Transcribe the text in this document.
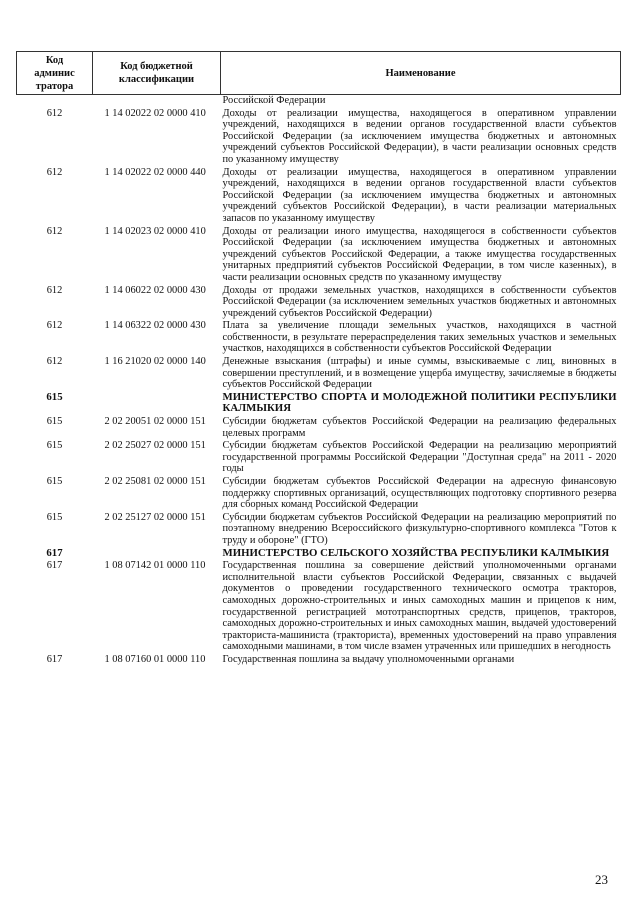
Код
админис
тратора	Код бюджетной
классификации	Наименование
		Российской Федерации
612	1 14 02022 02 0000 410	Доходы от реализации имущества, находящегося в оперативном управлении учреждений, находящихся в ведении органов государственной власти субъектов Российской Федерации (за исключением имущества бюджетных и автономных учреждений субъектов Российской Федерации), в части реализации основных средств по указанному имуществу
612	1 14 02022 02 0000 440	Доходы от реализации имущества, находящегося в оперативном управлении учреждений, находящихся в ведении органов государственной власти субъектов Российской Федерации (за исключением имущества бюджетных и автономных учреждений субъектов Российской Федерации), в части реализации материальных запасов по указанному имуществу
612	1 14 02023 02 0000 410	Доходы от реализации иного имущества, находящегося в собственности субъектов Российской Федерации (за исключением имущества бюджетных и автономных учреждений субъектов Российской Федерации, а также имущества государственных унитарных предприятий субъектов Российской Федерации, в том числе казенных), в части реализации основных средств по указанному имуществу
612	1 14 06022 02 0000 430	Доходы от продажи земельных участков, находящихся в собственности субъектов Российской Федерации (за исключением земельных участков бюджетных и автономных учреждений субъектов Российской Федерации)
612	1 14 06322 02 0000 430	Плата за увеличение площади земельных участков, находящихся в частной собственности, в результате перераспределения таких земельных участков и земельных участков, находящихся в собственности субъектов Российской Федерации
612	1 16 21020 02 0000 140	Денежные взыскания (штрафы) и иные суммы, взыскиваемые с лиц, виновных в совершении преступлений, и в возмещение ущерба имуществу, зачисляемые в бюджеты субъектов Российской Федерации
615		МИНИСТЕРСТВО СПОРТА И МОЛОДЕЖНОЙ ПОЛИТИКИ РЕСПУБЛИКИ КАЛМЫКИЯ
615	2 02 20051 02 0000 151	Субсидии бюджетам субъектов Российской Федерации на реализацию федеральных целевых программ
615	2 02 25027 02 0000 151	Субсидии бюджетам субъектов Российской Федерации на реализацию мероприятий государственной программы Российской Федерации "Доступная среда" на 2011 - 2020 годы
615	2 02 25081 02 0000 151	Субсидии бюджетам субъектов Российской Федерации на адресную финансовую поддержку спортивных организаций, осуществляющих подготовку спортивного резерва для сборных команд Российской Федерации
615	2 02 25127 02 0000 151	Субсидии бюджетам субъектов Российской Федерации на реализацию мероприятий по поэтапному внедрению Всероссийского физкультурно-спортивного комплекса "Готов к труду и обороне" (ГТО)
617		МИНИСТЕРСТВО СЕЛЬСКОГО ХОЗЯЙСТВА РЕСПУБЛИКИ КАЛМЫКИЯ
617	1 08 07142 01 0000 110	Государственная пошлина за совершение действий уполномоченными органами исполнительной власти субъектов Российской Федерации, связанных с выдачей документов о проведении государственного технического осмотра тракторов, самоходных дорожно-строительных и иных самоходных машин и прицепов к ним, государственной регистрацией мототранспортных средств, прицепов, тракторов, самоходных дорожно-строительных и иных самоходных машин, выдачей удостоверений тракториста-машиниста (тракториста), временных удостоверений на право управления самоходными машинами, в том числе взамен утраченных или пришедших в негодность
617	1 08 07160 01 0000 110	Государственная пошлина за выдачу уполномоченными органами
23
